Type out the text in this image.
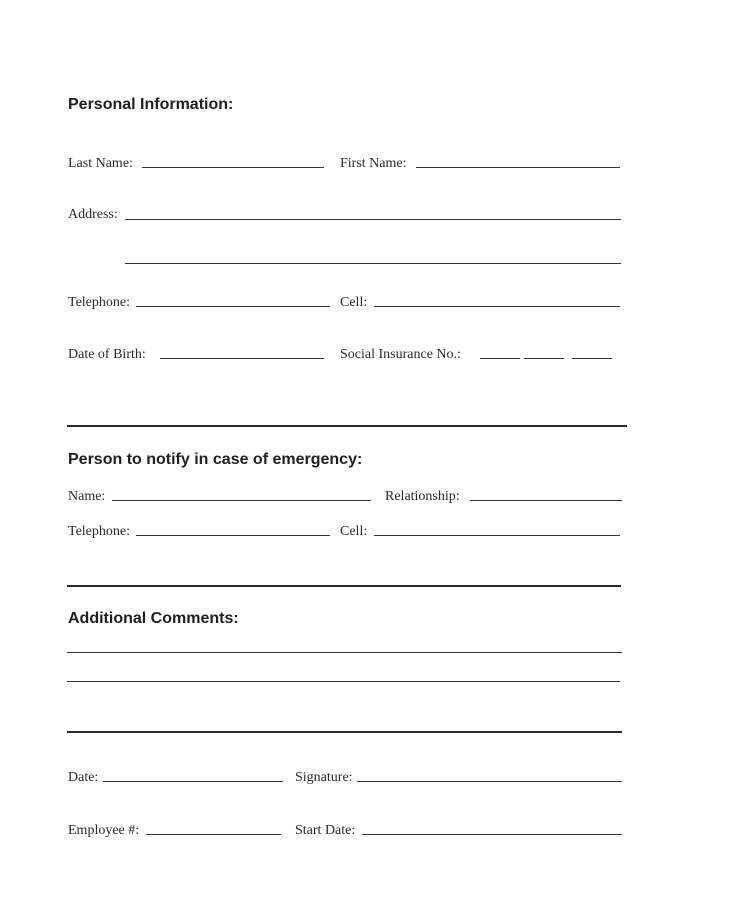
Personal Information:
Last Name:	First Name:
Address:
Telephone:	Cell:
Date of Birth:	Social Insurance No.:
Person to notify in case of emergency:
Name:	Relationship:
Telephone:	Cell:
Additional Comments:
Date:	Signature:
Employee #:	Start Date:
